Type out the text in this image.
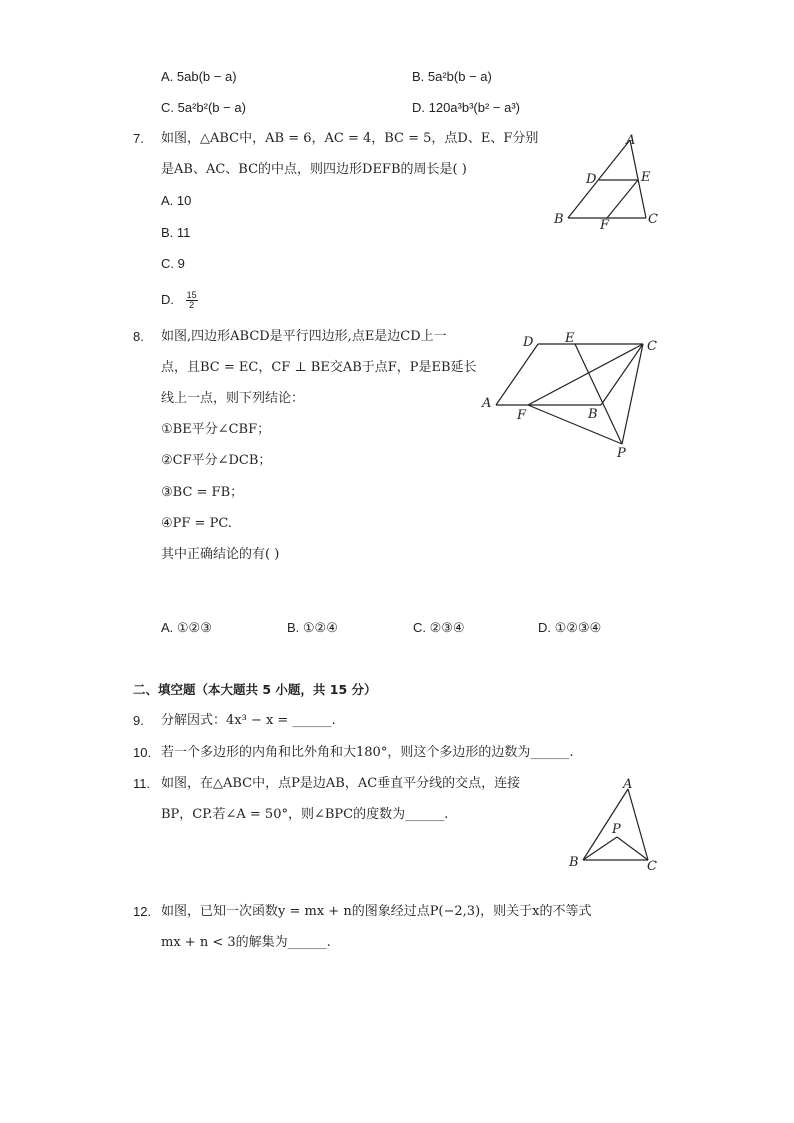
A. 5ab(b − a)	B. 5a²b(b − a)
C. 5a²b²(b − a)	D. 120a³b³(b² − a³)
7. 如图，△ABC中，AB = 6，AC = 4，BC = 5，点D、E、F分别
是AB、AC、BC的中点，则四边形DEFB的周长是( )
A. 10
B. 11
C. 9
D. $\frac{15}{2}$
A
D	E
B	C
F
8. 如图,四边形ABCD是平行四边形,点E是边CD上一
点，且BC = EC，CF ⊥ BE交AB于点F，P是EB延长
线上一点，则下列结论：
①BE平分∠CBF；
②CF平分∠DCB；
③BC = FB；
④PF = PC.
其中正确结论的有( )
A. ①②③	B. ①②④	C. ②③④	D. ①②③④
D E
C
A
F	B
P
二、填空题（本大题共 5 小题，共 15 分）
9. 分解因式：4x³ − x = ______.
10. 若一个多边形的内角和比外角和大180°，则这个多边形的边数为______.
11. 如图，在△ABC中，点P是边AB，AC垂直平分线的交点，连接
BP，CP.若∠A = 50°，则∠BPC的度数为______.
A
P
B	C
12. 如图，已知一次函数y = mx + n的图象经过点P(−2,3)，则关于x的不等式
mx + n < 3的解集为______.
